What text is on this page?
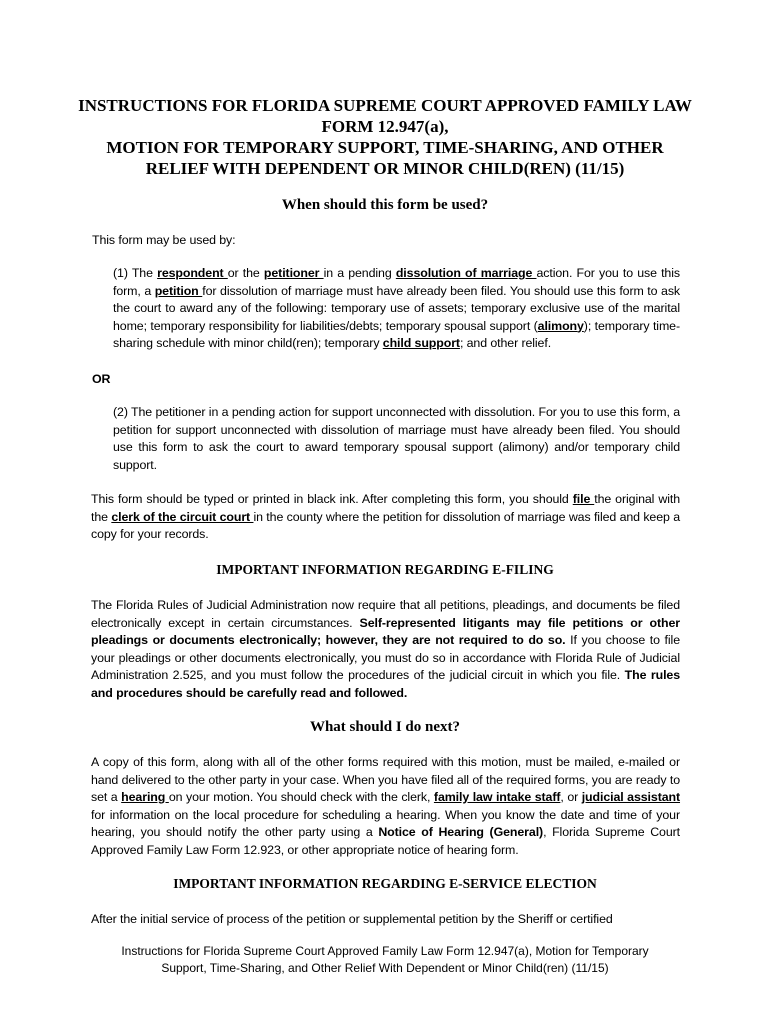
INSTRUCTIONS FOR FLORIDA SUPREME COURT APPROVED FAMILY LAW
FORM 12.947(a),
MOTION FOR TEMPORARY SUPPORT, TIME-SHARING, AND OTHER
RELIEF WITH DEPENDENT OR MINOR CHILD(REN) (11/15)
When should this form be used?
This form may be used by:
(1) The respondent or the petitioner in a pending dissolution of marriage action. For you to use this form, a petition for dissolution of marriage must have already been filed. You should use this form to ask the court to award any of the following: temporary use of assets; temporary exclusive use of the marital home; temporary responsibility for liabilities/debts; temporary spousal support (alimony); temporary time-sharing schedule with minor child(ren); temporary child support; and other relief.
OR
(2) The petitioner in a pending action for support unconnected with dissolution. For you to use this form, a petition for support unconnected with dissolution of marriage must have already been filed. You should use this form to ask the court to award temporary spousal support (alimony) and/or temporary child support.
This form should be typed or printed in black ink. After completing this form, you should file the original with the clerk of the circuit court in the county where the petition for dissolution of marriage was filed and keep a copy for your records.
IMPORTANT INFORMATION REGARDING E-FILING
The Florida Rules of Judicial Administration now require that all petitions, pleadings, and documents be filed electronically except in certain circumstances. Self-represented litigants may file petitions or other pleadings or documents electronically; however, they are not required to do so. If you choose to file your pleadings or other documents electronically, you must do so in accordance with Florida Rule of Judicial Administration 2.525, and you must follow the procedures of the judicial circuit in which you file. The rules and procedures should be carefully read and followed.
What should I do next?
A copy of this form, along with all of the other forms required with this motion, must be mailed, e-mailed or hand delivered to the other party in your case. When you have filed all of the required forms, you are ready to set a hearing on your motion. You should check with the clerk, family law intake staff, or judicial assistant for information on the local procedure for scheduling a hearing. When you know the date and time of your hearing, you should notify the other party using a Notice of Hearing (General), Florida Supreme Court Approved Family Law Form 12.923, or other appropriate notice of hearing form.
IMPORTANT INFORMATION REGARDING E-SERVICE ELECTION
After the initial service of process of the petition or supplemental petition by the Sheriff or certified
Instructions for Florida Supreme Court Approved Family Law Form 12.947(a), Motion for Temporary
Support, Time-Sharing, and Other Relief With Dependent or Minor Child(ren) (11/15)
